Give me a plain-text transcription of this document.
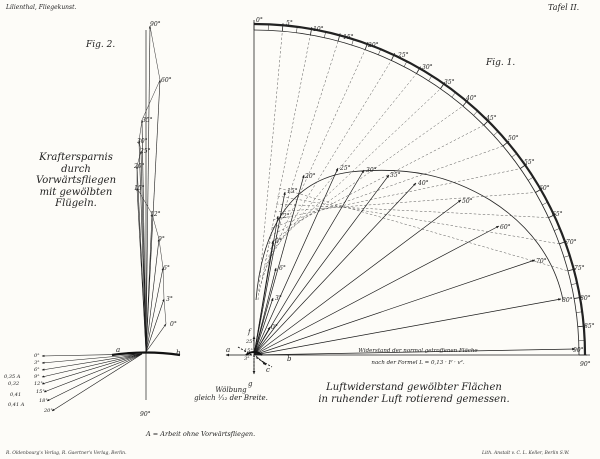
Lilienthal, Fliegekunst.	Tafel II.
Fig. 2.
Fig. 1.
Kraftersparnis
durch Vorwärtsfliegen
mit gewölbten
Flügeln.
Luftwiderstand gewölbter Flächen
in ruhender Luft rotierend gemessen.
Wölbung
gleich ¹⁄₁₂ der Breite.
R. Oldenbourg's Verlag, R. Gaertner's Verlag, Berlin.	Lith. Anstalt v. C. L. Keller, Berlin S.W.
90°
90°
60°
35°
30°
25°
20°
15°
12°
9°
6°
3°
0°
a	b
0°
3°
6°
9°
12°
15°
18°
20°
0,35 A
0,32
0,41
0,41 A
A = Arbeit ohne Vorwärtsfliegen.
0°	5°
10°
15°
20°
25°
30°
35°
40°
45°
50°
55°
60°
65°
70°
75°
80°
85°
90°
0°
3°
6°
9°
12°
15°
20°
25°	30°
35°
40°
50°
60°
70°
80°
90°
25°
15°
3°
Widerstand der normal getroffenen Fläche
nach der Formel L = 0,13 · F · v².
f
a
b
c
g
